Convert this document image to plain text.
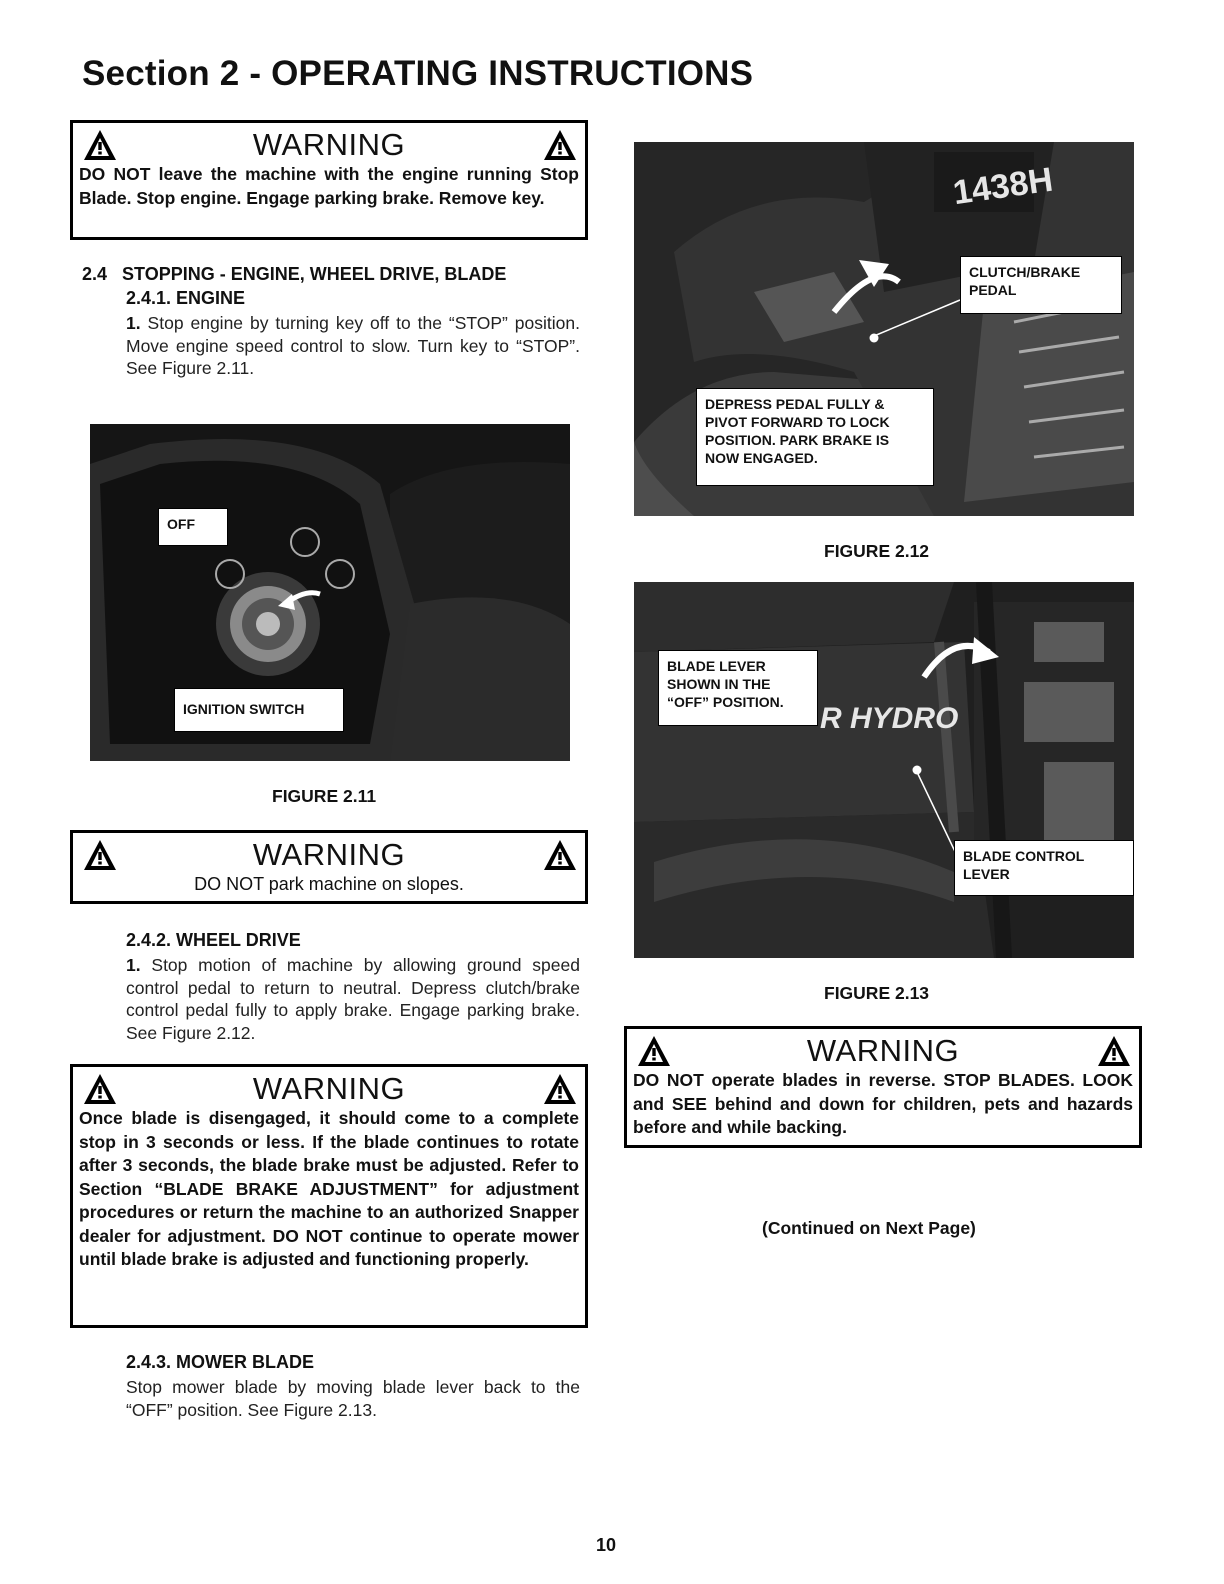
Section 2 - OPERATING INSTRUCTIONS
WARNING
DO NOT leave the machine with the engine running Stop Blade. Stop engine. Engage parking brake. Remove key.
2.4 STOPPING - ENGINE, WHEEL DRIVE, BLADE
2.4.1. ENGINE
1. Stop engine by turning key off to the “STOP” position. Move engine speed control to slow. Turn key to “STOP”. See Figure 2.11.
OFF
IGNITION SWITCH
FIGURE 2.11
WARNING
DO NOT park machine on slopes.
2.4.2. WHEEL DRIVE
1. Stop motion of machine by allowing ground speed control pedal to return to neutral. Depress clutch/brake control pedal fully to apply brake. Engage parking brake. See Figure 2.12.
WARNING
Once blade is disengaged, it should come to a complete stop in 3 seconds or less. If the blade continues to rotate after 3 seconds, the blade brake must be adjusted. Refer to Section “BLADE BRAKE ADJUSTMENT” for adjustment procedures or return the machine to an authorized Snapper dealer for adjustment. DO NOT continue to operate mower until blade brake is adjusted and functioning properly.
2.4.3. MOWER BLADE
Stop mower blade by moving blade lever back to the “OFF” position. See Figure 2.13.
1438H
CLUTCH/BRAKE PEDAL
DEPRESS PEDAL FULLY & PIVOT FORWARD TO LOCK POSITION. PARK BRAKE IS NOW ENGAGED.
FIGURE 2.12
R HYDRO
BLADE LEVER SHOWN IN THE “OFF” POSITION.
BLADE CONTROL LEVER
FIGURE 2.13
WARNING
DO NOT operate blades in reverse. STOP BLADES. LOOK and SEE behind and down for children, pets and hazards before and while backing.
(Continued on Next Page)
10
